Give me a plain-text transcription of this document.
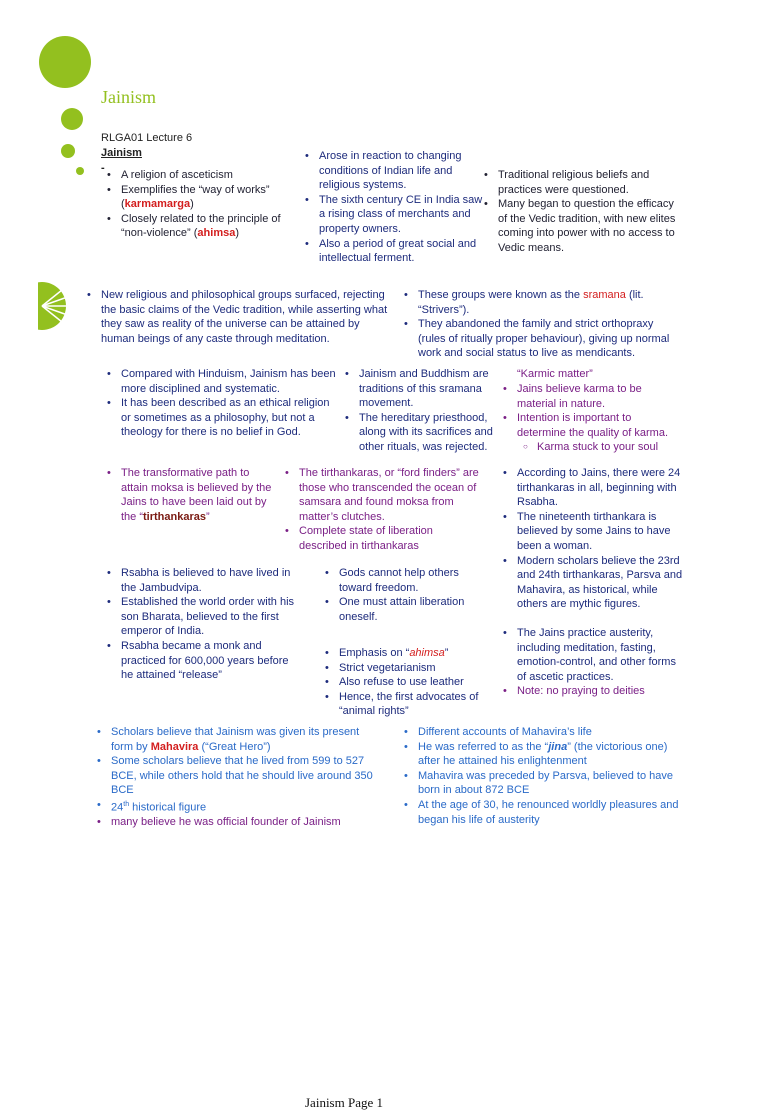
Jainism
RLGA01 Lecture 6
Jainism
-
• A religion of asceticism
• Exemplifies the “way of works” (karmamarga)
• Closely related to the principle of “non-violence” (ahimsa)
• Arose in reaction to changing conditions of Indian life and religious systems.
• The sixth century CE in India saw a rising class of merchants and property owners.
• Also a period of great social and intellectual ferment.
• Traditional religious beliefs and practices were questioned.
• Many began to question the efficacy of the Vedic tradition, with new elites coming into power with no access to Vedic means.
• New religious and philosophical groups surfaced, rejecting the basic claims of the Vedic tradition, while asserting what they saw as reality of the universe can be attained by human beings of any caste through meditation.
• These groups were known as the sramana (lit. “Strivers”).
• They abandoned the family and strict orthopraxy (rules of ritually proper behaviour), giving up normal work and social status to live as mendicants.
• Compared with Hinduism, Jainism has been more disciplined and systematic.
• It has been described as an ethical religion or sometimes as a philosophy, but not a theology for there is no belief in God.
• Jainism and Buddhism are traditions of this sramana movement.
• The hereditary priesthood, along with its sacrifices and other rituals, was rejected.
“Karmic matter”
• Jains believe karma to be material in nature.
• Intention is important to determine the quality of karma.
○ Karma stuck to your soul
• The transformative path to attain moksa is believed by the Jains to have been laid out by the “tirthankaras”
• The tirthankaras, or “ford finders” are those who transcended the ocean of samsara and found moksa from matter’s clutches.
• Complete state of liberation described in tirthankaras
• According to Jains, there were 24 tirthankaras in all, beginning with Rsabha.
• The nineteenth tirthankara is believed by some Jains to have been a woman.
• Modern scholars believe the 23rd and 24th tirthankaras, Parsva and Mahavira, as historical, while others are mythic figures.
• Rsabha is believed to have lived in the Jambudvipa.
• Established the world order with his son Bharata, believed to the first emperor of India.
• Rsabha became a monk and practiced for 600,000 years before he attained “release”
• Gods cannot help others toward freedom.
• One must attain liberation oneself.
• Emphasis on “ahimsa”
• Strict vegetarianism
• Also refuse to use leather
• Hence, the first advocates of “animal rights”
• The Jains practice austerity, including meditation, fasting, emotion-control, and other forms of ascetic practices.
• Note: no praying to deities
• Scholars believe that Jainism was given its present form by Mahavira (“Great Hero”)
• Some scholars believe that he lived from 599 to 527 BCE, while others hold that he should live around 350 BCE
• 24th historical figure
• many believe he was official founder of Jainism
• Different accounts of Mahavira’s life
• He was referred to as the “jina” (the victorious one) after he attained his enlightenment
• Mahavira was preceded by Parsva, believed to have born in about 872 BCE
• At the age of 30, he renounced worldly pleasures and began his life of austerity
Jainism Page 1
